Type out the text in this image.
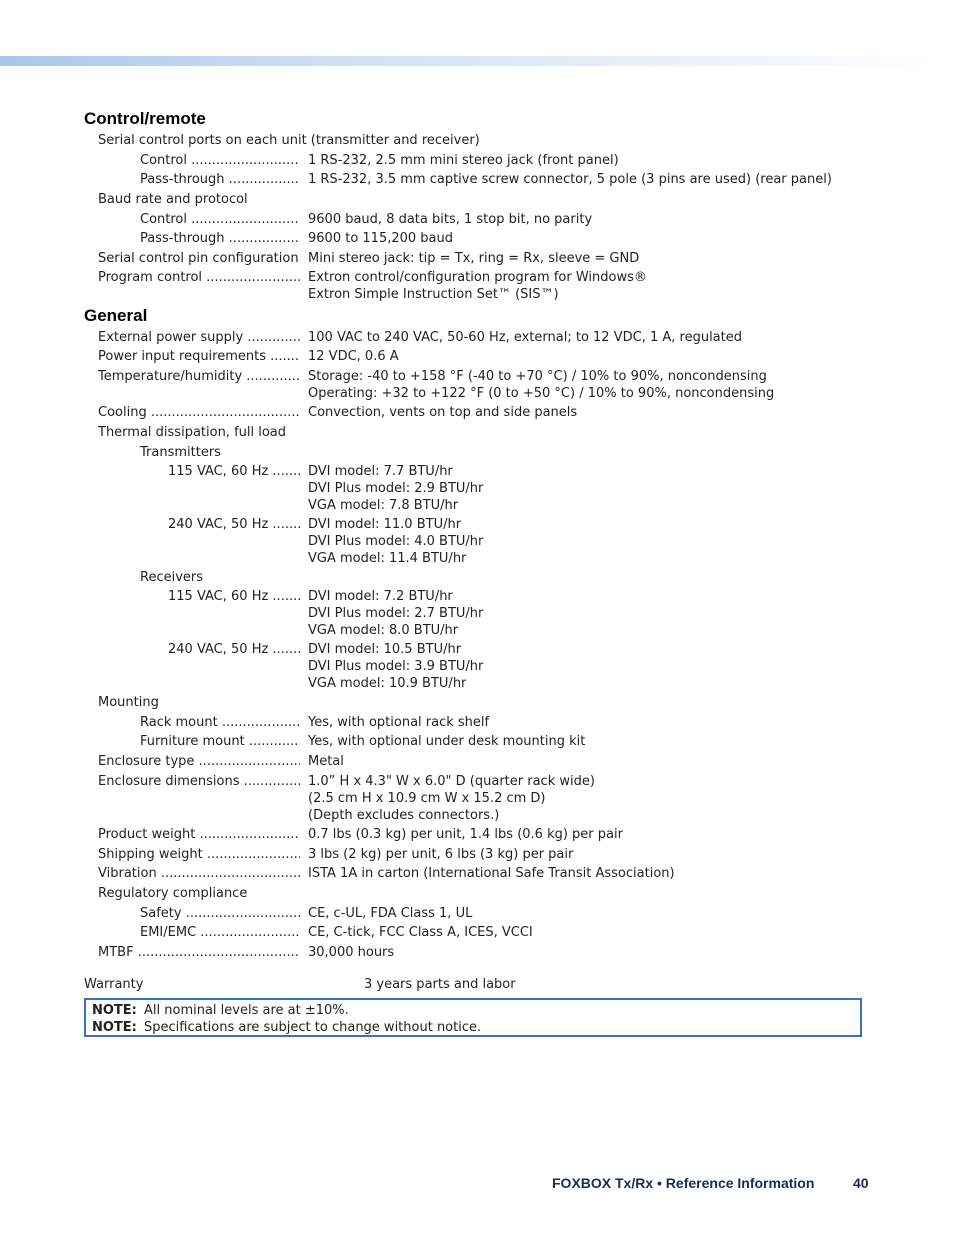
Control/remote
Serial control ports on each unit (transmitter and receiver)
Control .....	1 RS-232, 2.5 mm mini stereo jack (front panel)
Pass-through .....	1 RS-232, 3.5 mm captive screw connector, 5 pole (3 pins are used) (rear panel)
Baud rate and protocol
Control .....	9600 baud, 8 data bits, 1 stop bit, no parity
Pass-through .....	9600 to 115,200 baud
Serial control pin configuration ..... Mini stereo jack: tip = Tx, ring = Rx, sleeve = GND
Program control .....	Extron control/configuration program for Windows®
Extron Simple Instruction Set™ (SIS™)
General
External power supply .....	100 VAC to 240 VAC, 50-60 Hz, external; to 12 VDC, 1 A, regulated
Power input requirements .....	12 VDC, 0.6 A
Temperature/humidity .....	Storage: -40 to +158 °F (-40 to +70 °C) / 10% to 90%, noncondensing
Operating: +32 to +122 °F (0 to +50 °C) / 10% to 90%, noncondensing
Cooling .....	Convection, vents on top and side panels
Thermal dissipation, full load
Transmitters
115 VAC, 60 Hz .....	DVI model: 7.7 BTU/hr
DVI Plus model: 2.9 BTU/hr
VGA model: 7.8 BTU/hr
240 VAC, 50 Hz .....	DVI model: 11.0 BTU/hr
DVI Plus model: 4.0 BTU/hr
VGA model: 11.4 BTU/hr
Receivers
115 VAC, 60 Hz .....	DVI model: 7.2 BTU/hr
DVI Plus model: 2.7 BTU/hr
VGA model: 8.0 BTU/hr
240 VAC, 50 Hz .....	DVI model: 10.5 BTU/hr
DVI Plus model: 3.9 BTU/hr
VGA model: 10.9 BTU/hr
Mounting
Rack mount .....	Yes, with optional rack shelf
Furniture mount .....	Yes, with optional under desk mounting kit
Enclosure type .....	Metal
Enclosure dimensions .....	1.0” H x 4.3" W x 6.0" D (quarter rack wide)
(2.5 cm H x 10.9 cm W x 15.2 cm D)
(Depth excludes connectors.)
Product weight .....	0.7 lbs (0.3 kg) per unit, 1.4 lbs (0.6 kg) per pair
Shipping weight .....	3 lbs (2 kg) per unit, 6 lbs (3 kg) per pair
Vibration .....	ISTA 1A in carton (International Safe Transit Association)
Regulatory compliance
Safety .....	CE, c-UL, FDA Class 1, UL
EMI/EMC .....	CE, C-tick, FCC Class A, ICES, VCCI
MTBF .....	30,000 hours
Warranty	3 years parts and labor
NOTE: All nominal levels are at ±10%.
NOTE: Specifications are subject to change without notice.
FOXBOX Tx/Rx • Reference Information	40
